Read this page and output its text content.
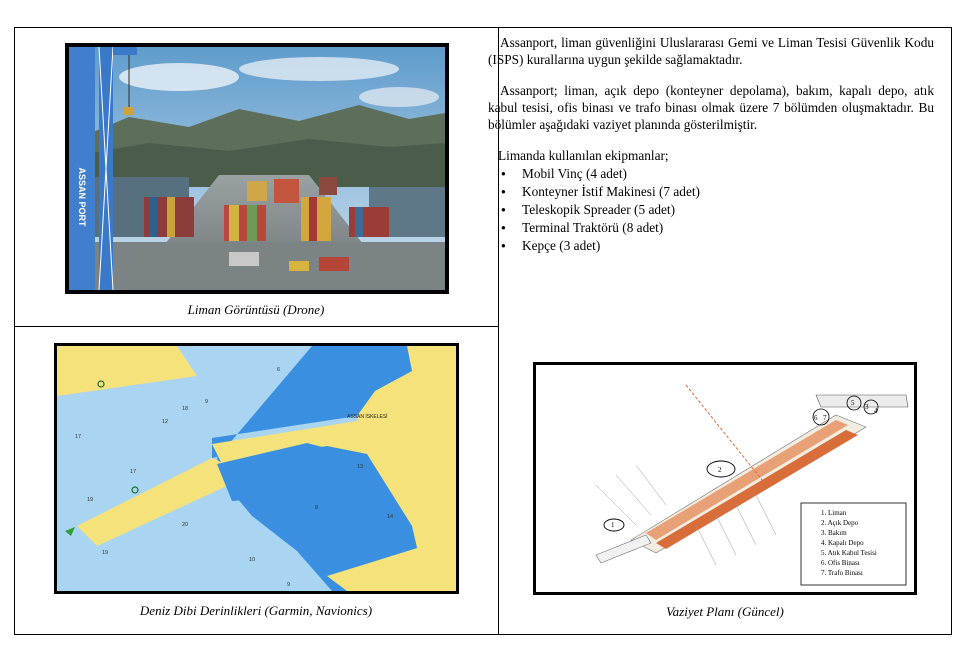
ASSAN PORT
Liman Görüntüsü (Drone)
ASSAN İSKELESİ
6
9
18
12
17
17
19
20
19
13
8
14
10
9
Deniz Dibi Derinlikleri (Garmin, Navionics)
1
2
3 4
5
6 7
1. Liman
2. Açık Depo
3. Bakım
4. Kapalı Depo
5. Atık Kabul Tesisi
6. Ofis Binası
7. Trafo Binası
Vaziyet Planı (Güncel)

Assanport, liman güvenliğini Uluslararası Gemi ve Liman Tesisi Güvenlik Kodu (ISPS) kurallarına uygun şekilde sağlamaktadır.

Assanport; liman, açık depo (konteyner depolama), bakım, kapalı depo, atık kabul tesisi, ofis binası ve trafo binası olmak üzere 7 bölümden oluşmaktadır. Bu bölümler aşağıdaki vaziyet planında gösterilmiştir.

Limanda kullanılan ekipmanlar;
● Mobil Vinç (4 adet)
● Konteyner İstif Makinesi (7 adet)
● Teleskopik Spreader (5 adet)
● Terminal Traktörü (8 adet)
● Kepçe (3 adet)
